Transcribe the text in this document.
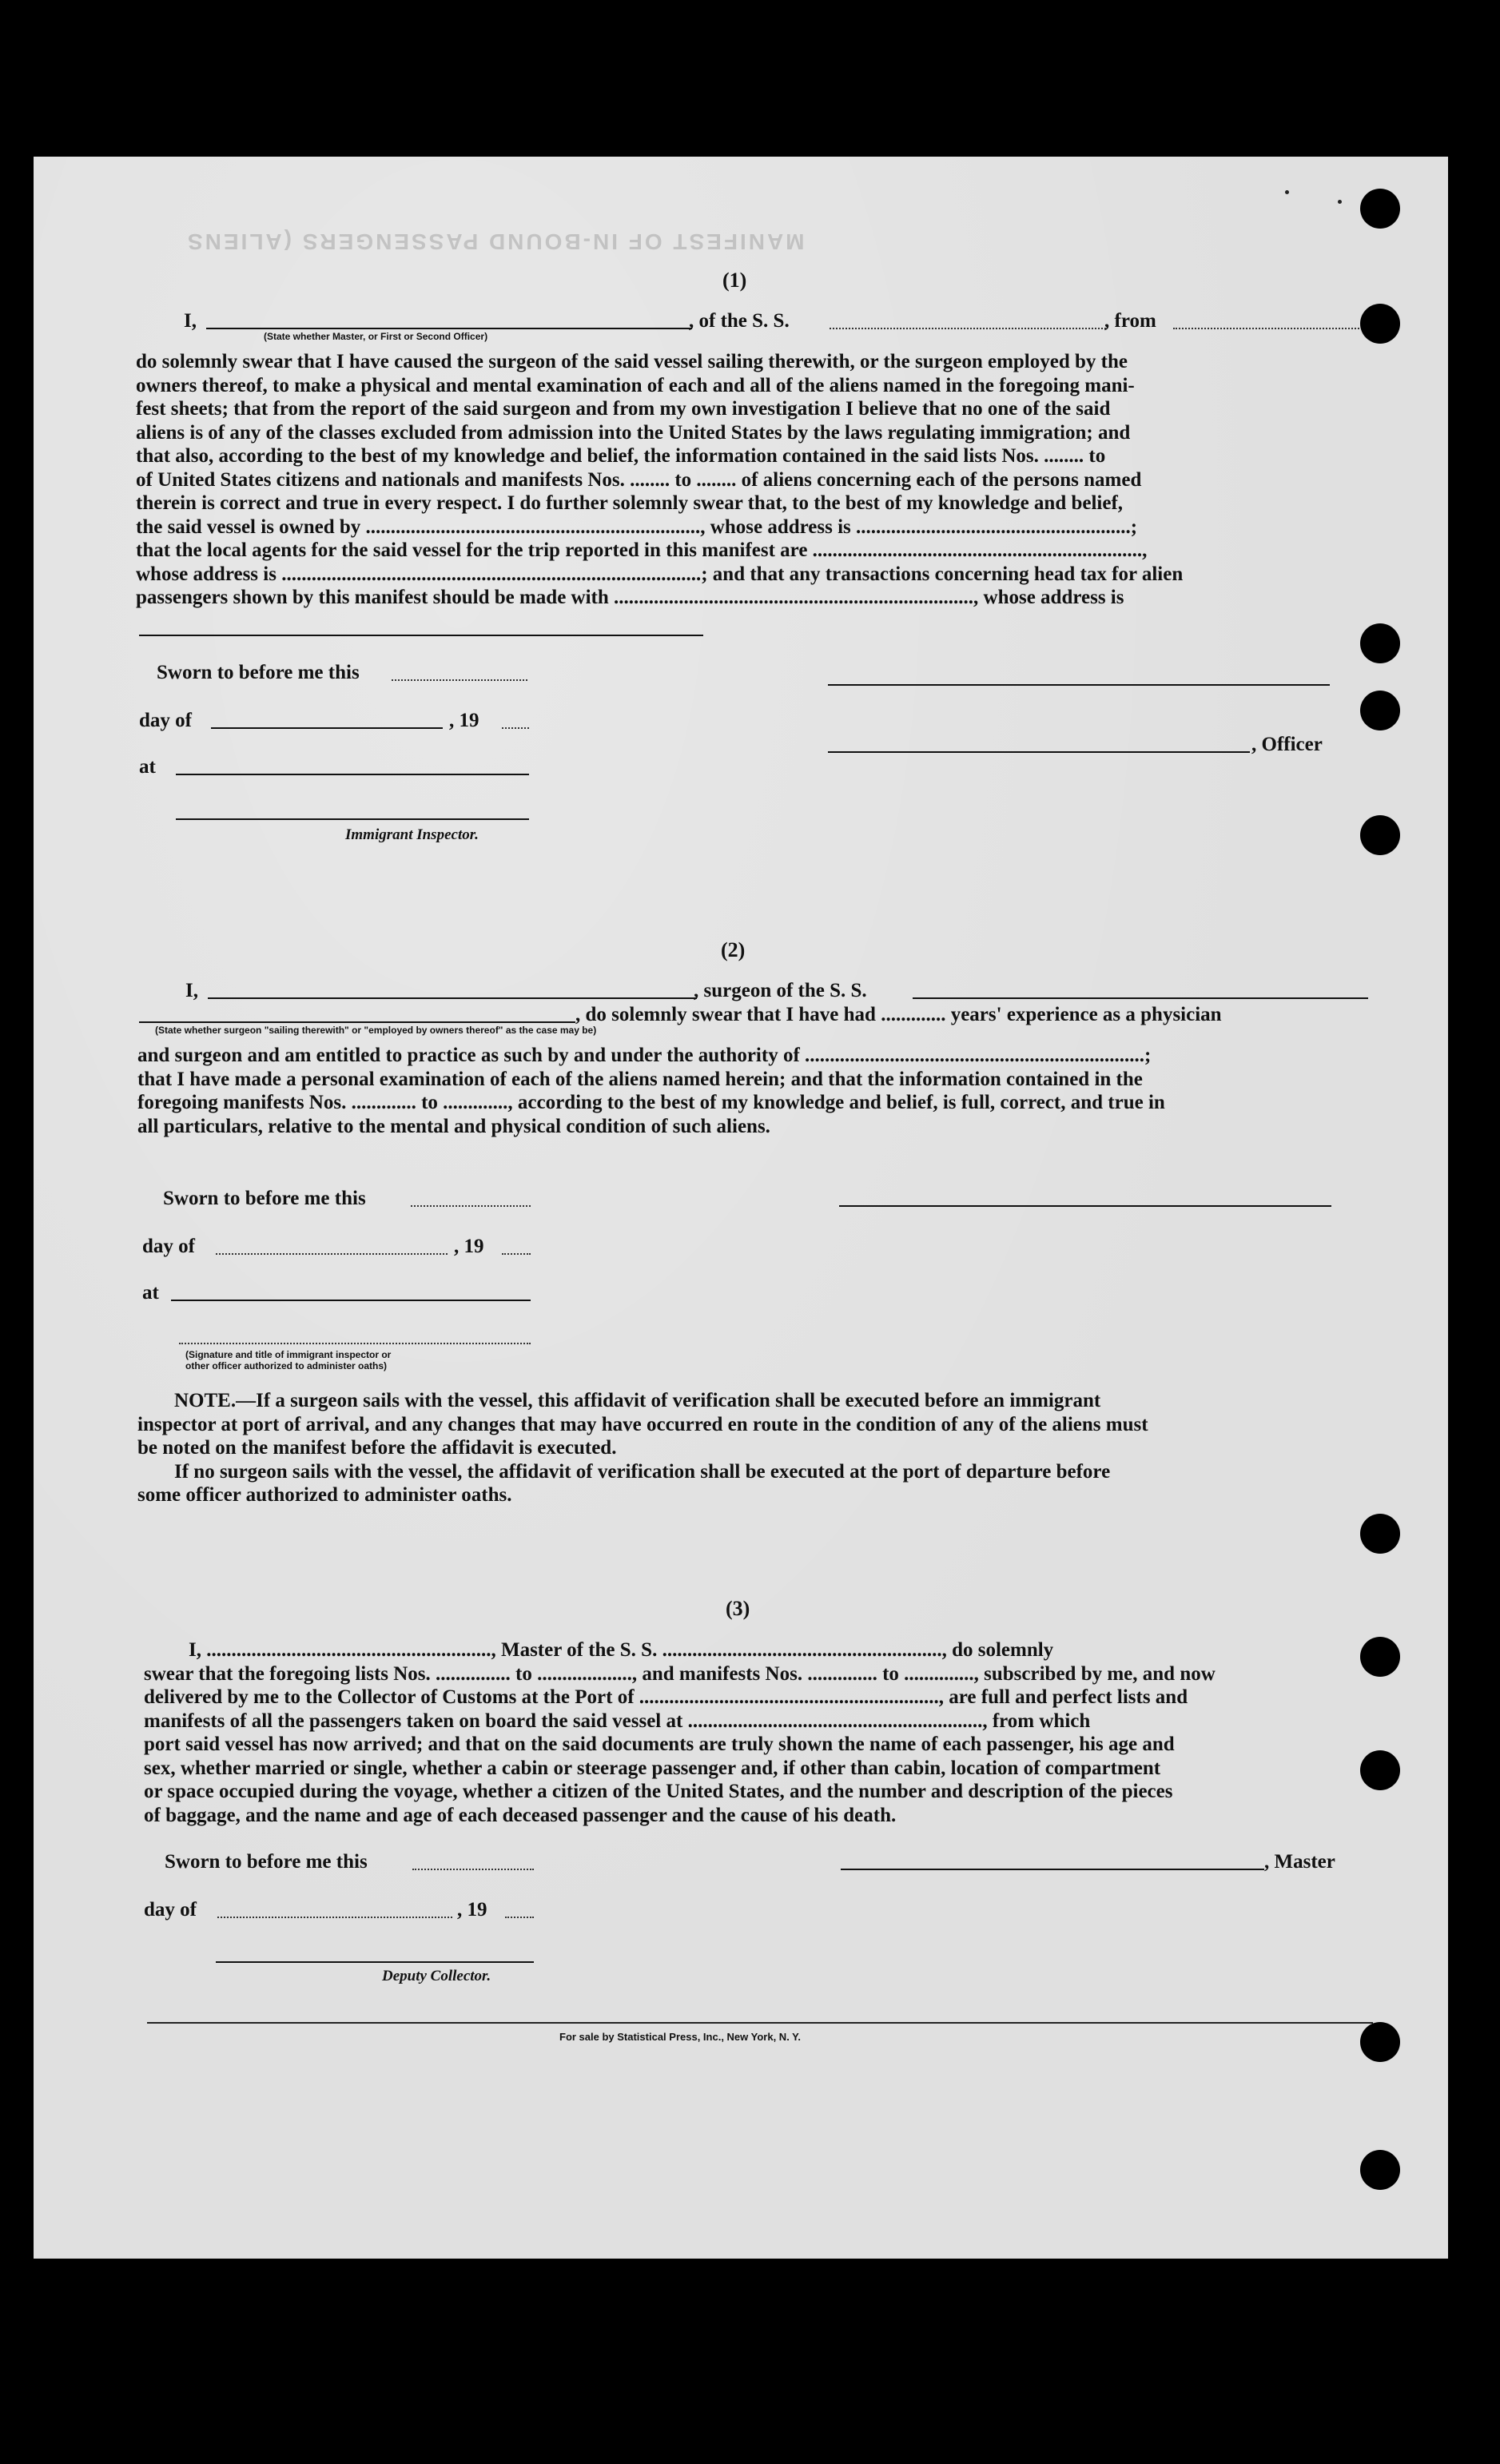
MANIFEST OF IN-BOUND PASSENGERS (ALIENS
(1)
I,	, of the S. S.	, from
(State whether Master, or First or Second Officer)
do solemnly swear that I have caused the surgeon of the said vessel sailing therewith, or the surgeon employed by the
owners thereof, to make a physical and mental examination of each and all of the aliens named in the foregoing mani-
fest sheets; that from the report of the said surgeon and from my own investigation I believe that no one of the said
aliens is of any of the classes excluded from admission into the United States by the laws regulating immigration; and
that also, according to the best of my knowledge and belief, the information contained in the said lists Nos. ........ to
of United States citizens and nationals and manifests Nos. ........ to ........ of aliens concerning each of the persons named
therein is correct and true in every respect. I do further solemnly swear that, to the best of my knowledge and belief,
the said vessel is owned by ..................................................................., whose address is .......................................................;
that the local agents for the said vessel for the trip reported in this manifest are ..................................................................,
whose address is ....................................................................................; and that any transactions concerning head tax for alien
passengers shown by this manifest should be made with ........................................................................, whose address is
Sworn to before me this
day of	, 19
, Officer
at
Immigrant Inspector.
(2)
I,	, surgeon of the S. S.
, do solemnly swear that I have had ............. years' experience as a physician
(State whether surgeon "sailing therewith" or "employed by owners thereof" as the case may be)
and surgeon and am entitled to practice as such by and under the authority of ....................................................................;
that I have made a personal examination of each of the aliens named herein; and that the information contained in the
foregoing manifests Nos. ............. to ............., according to the best of my knowledge and belief, is full, correct, and true in
all particulars, relative to the mental and physical condition of such aliens.
Sworn to before me this
day of	, 19
at
(Signature and title of immigrant inspector or
other officer authorized to administer oaths)
NOTE.—If a surgeon sails with the vessel, this affidavit of verification shall be executed before an immigrant
inspector at port of arrival, and any changes that may have occurred en route in the condition of any of the aliens must
be noted on the manifest before the affidavit is executed.
If no surgeon sails with the vessel, the affidavit of verification shall be executed at the port of departure before
some officer authorized to administer oaths.
(3)
I, ........................................................., Master of the S. S. ........................................................, do solemnly
swear that the foregoing lists Nos. ............... to ..................., and manifests Nos. .............. to .............., subscribed by me, and now
delivered by me to the Collector of Customs at the Port of ............................................................, are full and perfect lists and
manifests of all the passengers taken on board the said vessel at ..........................................................., from which
port said vessel has now arrived; and that on the said documents are truly shown the name of each passenger, his age and
sex, whether married or single, whether a cabin or steerage passenger and, if other than cabin, location of compartment
or space occupied during the voyage, whether a citizen of the United States, and the number and description of the pieces
of baggage, and the name and age of each deceased passenger and the cause of his death.
Sworn to before me this	, Master
day of	, 19
Deputy Collector.
For sale by Statistical Press, Inc., New York, N. Y.
